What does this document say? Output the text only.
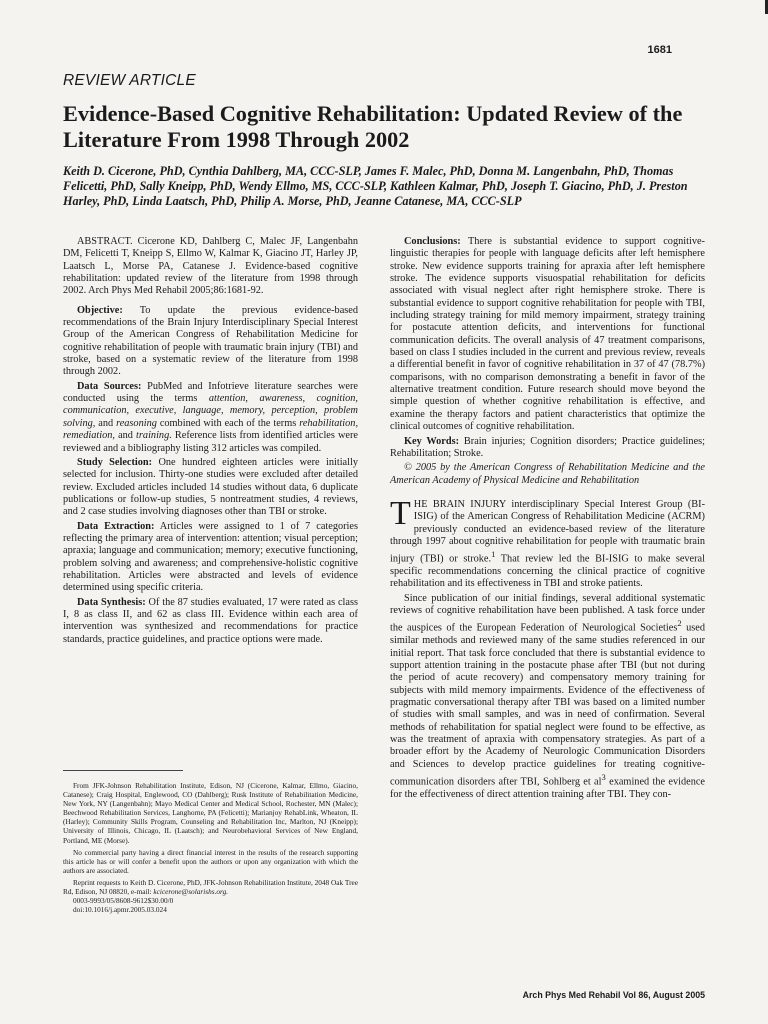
1681
REVIEW ARTICLE
Evidence-Based Cognitive Rehabilitation: Updated Review of the Literature From 1998 Through 2002

Keith D. Cicerone, PhD, Cynthia Dahlberg, MA, CCC-SLP, James F. Malec, PhD, Donna M. Langenbahn, PhD, Thomas Felicetti, PhD, Sally Kneipp, PhD, Wendy Ellmo, MS, CCC-SLP, Kathleen Kalmar, PhD, Joseph T. Giacino, PhD, J. Preston Harley, PhD, Linda Laatsch, PhD, Philip A. Morse, PhD, Jeanne Catanese, MA, CCC-SLP

ABSTRACT. Cicerone KD, Dahlberg C, Malec JF, Langenbahn DM, Felicetti T, Kneipp S, Ellmo W, Kalmar K, Giacino JT, Harley JP, Laatsch L, Morse PA, Catanese J. Evidence-based cognitive rehabilitation: updated review of the literature from 1998 through 2002. Arch Phys Med Rehabil 2005;86:1681-92.

Objective: To update the previous evidence-based recommendations of the Brain Injury Interdisciplinary Special Interest Group of the American Congress of Rehabilitation Medicine for cognitive rehabilitation of people with traumatic brain injury (TBI) and stroke, based on a systematic review of the literature from 1998 through 2002.

Data Sources: PubMed and Infotrieve literature searches were conducted using the terms attention, awareness, cognition, communication, executive, language, memory, perception, problem solving, and reasoning combined with each of the terms rehabilitation, remediation, and training. Reference lists from identified articles were reviewed and a bibliography listing 312 articles was compiled.

Study Selection: One hundred eighteen articles were initially selected for inclusion. Thirty-one studies were excluded after detailed review. Excluded articles included 14 studies without data, 6 duplicate publications or follow-up studies, 5 nontreatment studies, 4 reviews, and 2 case studies involving diagnoses other than TBI or stroke.

Data Extraction: Articles were assigned to 1 of 7 categories reflecting the primary area of intervention: attention; visual perception; apraxia; language and communication; memory; executive functioning, problem solving and awareness; and comprehensive-holistic cognitive rehabilitation. Articles were abstracted and levels of evidence determined using specific criteria.

Data Synthesis: Of the 87 studies evaluated, 17 were rated as class I, 8 as class II, and 62 as class III. Evidence within each area of intervention was synthesized and recommendations for practice standards, practice guidelines, and practice options were made.

Conclusions: There is substantial evidence to support cognitive-linguistic therapies for people with language deficits after left hemisphere stroke. New evidence supports training for apraxia after left hemisphere stroke. The evidence supports visuospatial rehabilitation for deficits associated with visual neglect after right hemisphere stroke. There is substantial evidence to support cognitive rehabilitation for people with TBI, including strategy training for mild memory impairment, strategy training for postacute attention deficits, and interventions for functional communication deficits. The overall analysis of 47 treatment comparisons, based on class I studies included in the current and previous review, reveals a differential benefit in favor of cognitive rehabilitation in 37 of 47 (78.7%) comparisons, with no comparison demonstrating a benefit in favor of the alternative treatment condition. Future research should move beyond the simple question of whether cognitive rehabilitation is effective, and examine the therapy factors and patient characteristics that optimize the clinical outcomes of cognitive rehabilitation.

Key Words: Brain injuries; Cognition disorders; Practice guidelines; Rehabilitation; Stroke.

© 2005 by the American Congress of Rehabilitation Medicine and the American Academy of Physical Medicine and Rehabilitation

THE BRAIN INJURY interdisciplinary Special Interest Group (BI-ISIG) of the American Congress of Rehabilitation Medicine (ACRM) previously conducted an evidence-based review of the literature through 1997 about cognitive rehabilitation for people with traumatic brain injury (TBI) or stroke.$^1$ That review led the BI-ISIG to make several specific recommendations concerning the clinical practice of cognitive rehabilitation and its effectiveness in TBI and stroke patients.

Since publication of our initial findings, several additional systematic reviews of cognitive rehabilitation have been published. A task force under the auspices of the European Federation of Neurological Societies$^2$ used similar methods and reviewed many of the same studies referenced in our initial report. That task force concluded that there is substantial evidence to support attention training in the postacute phase after TBI (but not during the period of acute recovery) and compensatory memory training for subjects with mild memory impairments. Evidence of the effectiveness of pragmatic conversational therapy after TBI was based on a limited number of studies with small samples, and was in need of confirmation. Several methods of rehabilitation for spatial neglect were found to be effective, as was the treatment of apraxia with compensatory strategies. As part of a broader effort by the Academy of Neurologic Communication Disorders and Sciences to develop practice guidelines for treating cognitive-communication disorders after TBI, Sohlberg et $al^3$ examined the evidence for the effectiveness of direct attention training after TBI. They con-

From JFK-Johnson Rehabilitation Institute, Edison, NJ (Cicerone, Kalmar, Ellmo, Giacino, Catanese); Craig Hospital, Englewood, CO (Dahlberg); Rusk Institute of Rehabilitation Medicine, New York, NY (Langenbahn); Mayo Medical Center and Medical School, Rochester, MN (Malec); Beechwood Rehabilitation Services, Langhorne, PA (Felicetti); Marianjoy RehabLink, Wheaton, IL (Harley); Community Skills Program, Counseling and Rehabilitation Inc, Marlton, NJ (Kneipp); University of Illinois, Chicago, IL (Laatsch); and Neurobehavioral Services of New England, Portland, ME (Morse).

No commercial party having a direct financial interest in the results of the research supporting this article has or will confer a benefit upon the authors or upon any organization with which the authors are associated.

Reprint requests to Keith D. Cicerone, PhD, JFK-Johnson Rehabilitation Institute, 2048 Oak Tree Rd, Edison, NJ 08820, e-mail: kcicerone@solarishs.org.

0003-9993/05/8608-9612$30.00/0

doi:10.1016/j.apmr.2005.03.024

Arch Phys Med Rehabil Vol 86, August 2005
